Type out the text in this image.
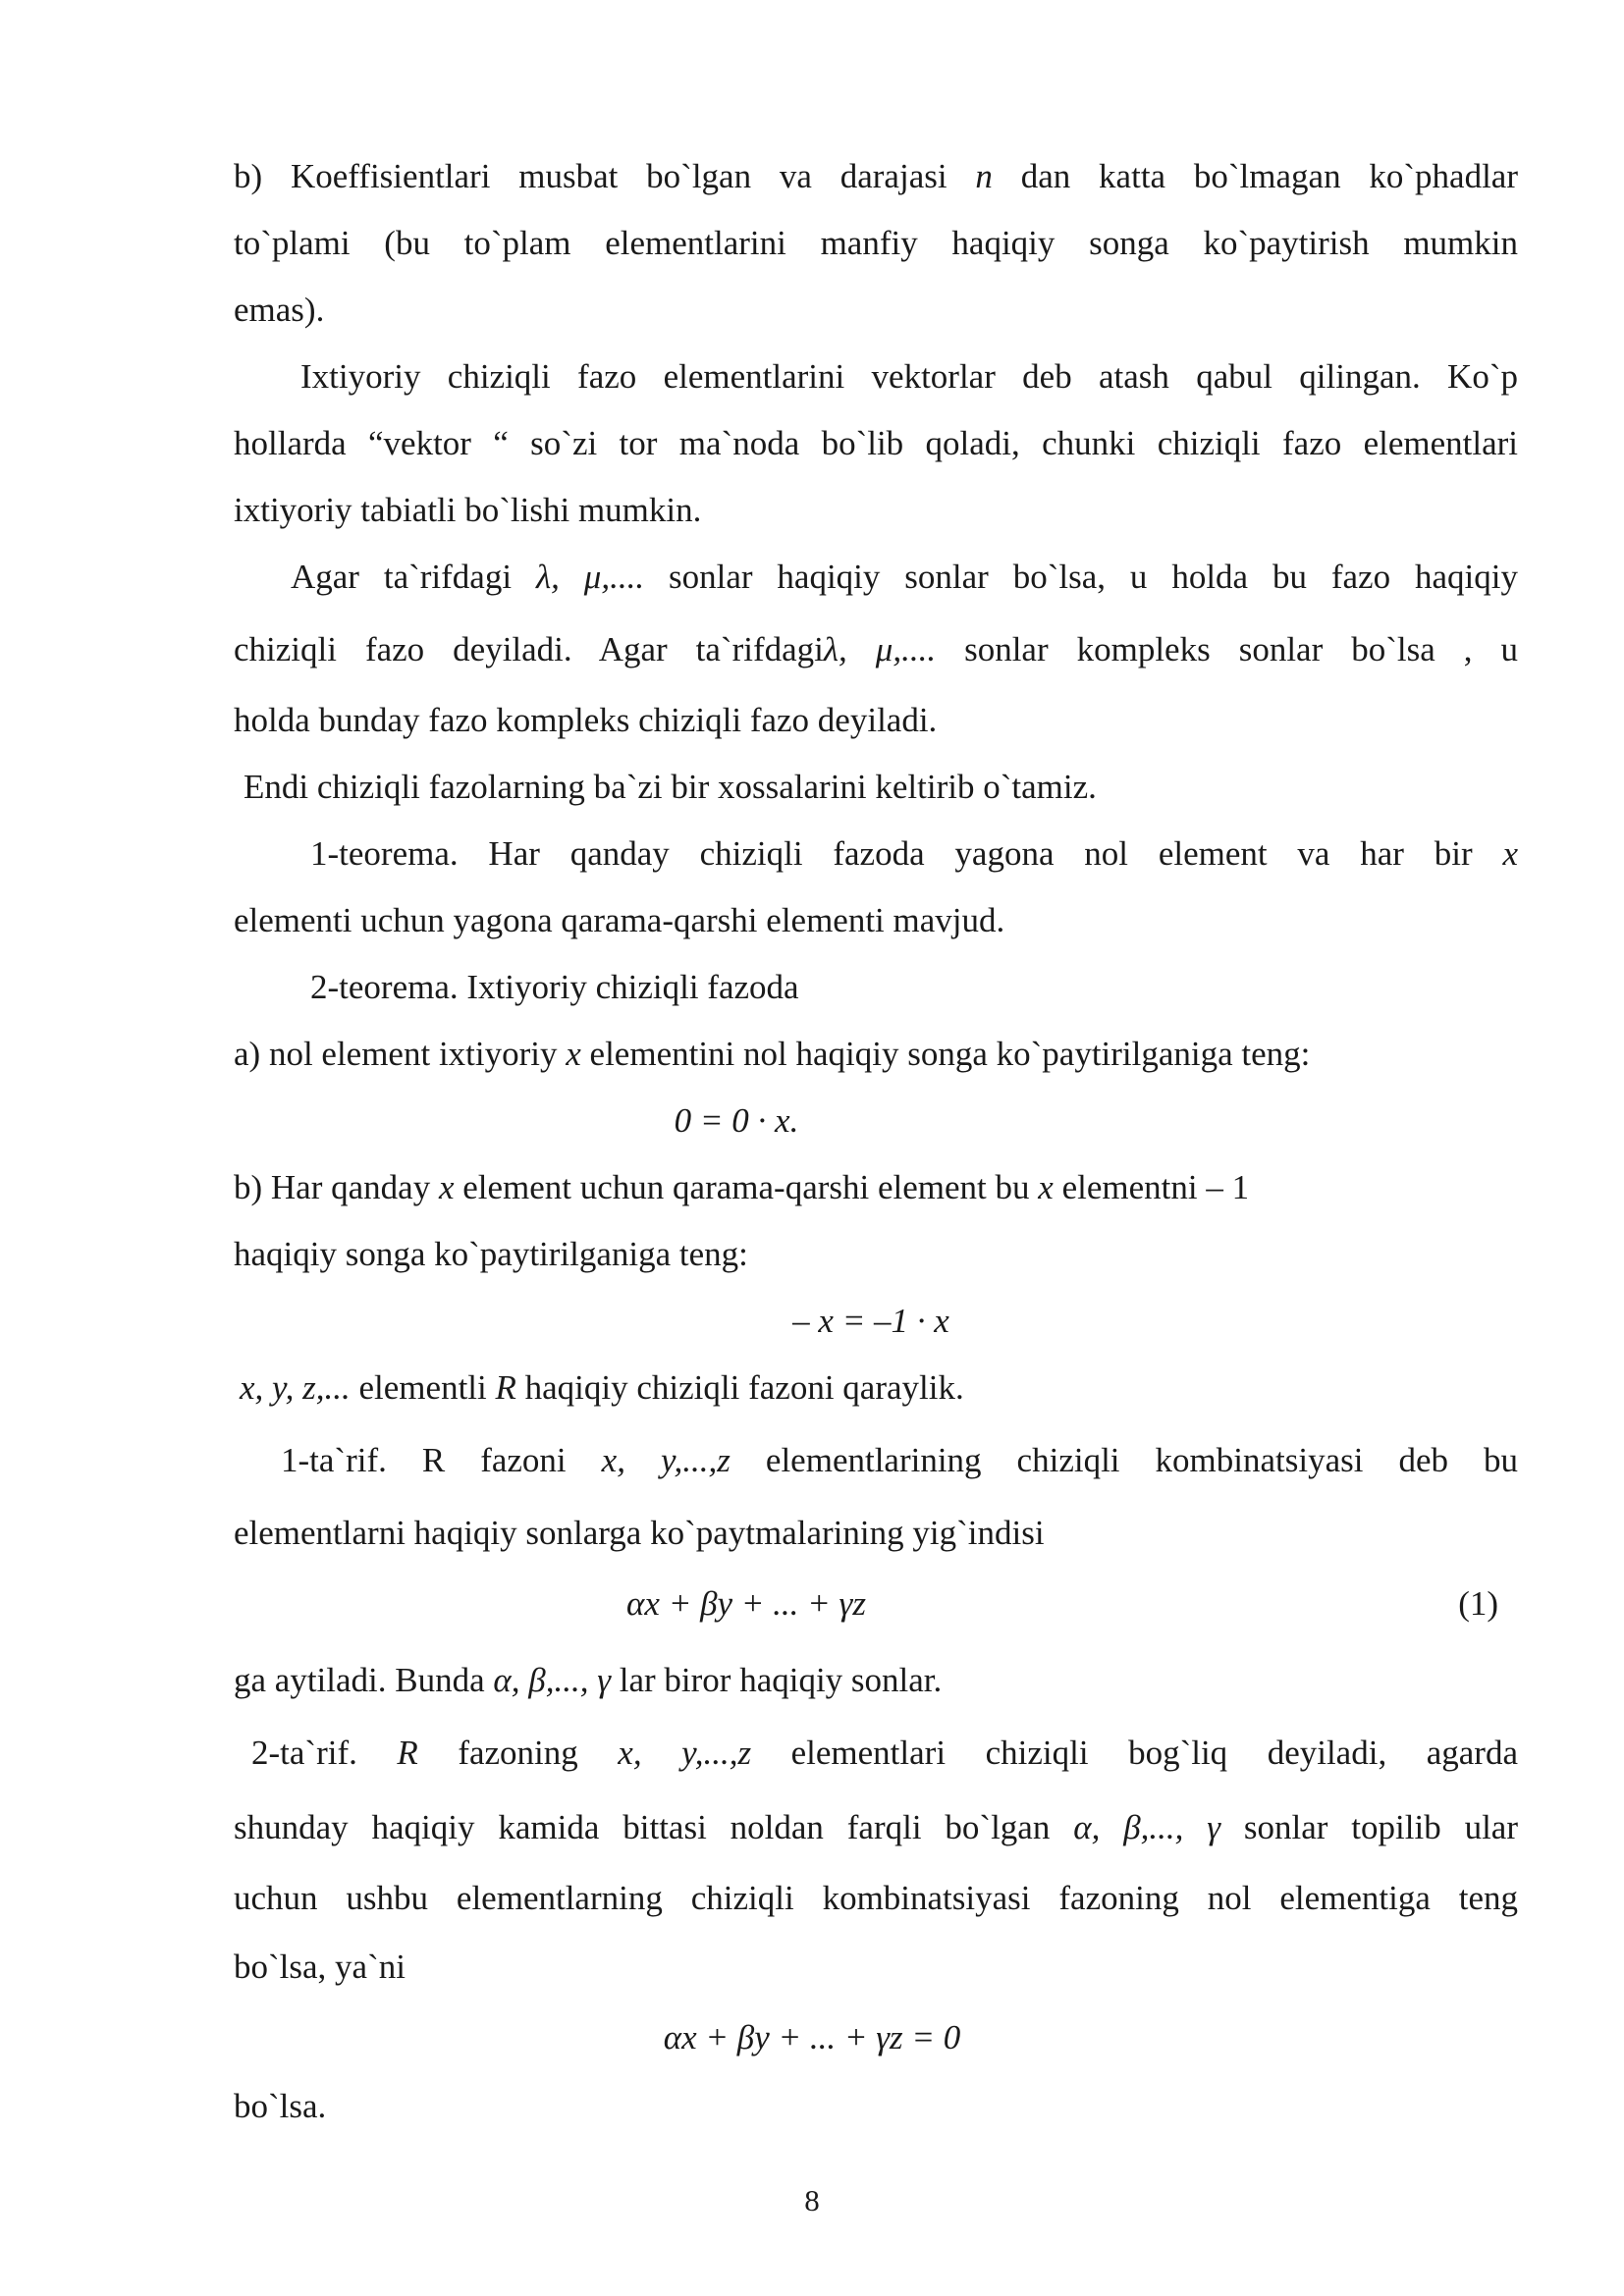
b) Koeffisientlari musbat bo`lgan va darajasi n dan katta bo`lmagan ko`phadlar
to`plami (bu to`plam elementlarini manfiy haqiqiy songa ko`paytirish mumkin
emas).
Ixtiyoriy chiziqli fazo elementlarini vektorlar deb atash qabul qilingan. Ko`p
hollarda “vektor “ so`zi tor ma`noda bo`lib qoladi, chunki chiziqli fazo elementlari
ixtiyoriy tabiatli bo`lishi mumkin.
Agar ta`rifdagi λ, μ,.... sonlar haqiqiy sonlar bo`lsa, u holda bu fazo haqiqiy
chiziqli fazo deyiladi. Agar ta`rifdagiλ, μ,.... sonlar kompleks sonlar bo`lsa , u
holda bunday fazo kompleks chiziqli fazo deyiladi.
Endi chiziqli fazolarning ba`zi bir xossalarini keltirib o`tamiz.
1-teorema. Har qanday chiziqli fazoda yagona nol element va har bir x
elementi uchun yagona qarama-qarshi elementi mavjud.
2-teorema. Ixtiyoriy chiziqli fazoda
a) nol element ixtiyoriy x elementini nol haqiqiy songa ko`paytirilganiga teng:
0 = 0 · x.
b) Har qanday x element uchun qarama-qarshi element bu x elementni – 1
haqiqiy songa ko`paytirilganiga teng:
– x = –1 · x
x, y, z,... elementli R haqiqiy chiziqli fazoni qaraylik.
1-ta`rif. R fazoni x, y,...,z elementlarining chiziqli kombinatsiyasi deb bu
elementlarni haqiqiy sonlarga ko`paytmalarining yig`indisi
αx + βy + ... + γz	(1)
ga aytiladi. Bunda α, β,..., γ lar biror haqiqiy sonlar.
2-ta`rif. R fazoning x, y,...,z elementlari chiziqli bog`liq deyiladi, agarda
shunday haqiqiy kamida bittasi noldan farqli bo`lgan α, β,..., γ sonlar topilib ular
uchun ushbu elementlarning chiziqli kombinatsiyasi fazoning nol elementiga teng
bo`lsa, ya`ni
αx + βy + ... + γz = 0
bo`lsa.
8
